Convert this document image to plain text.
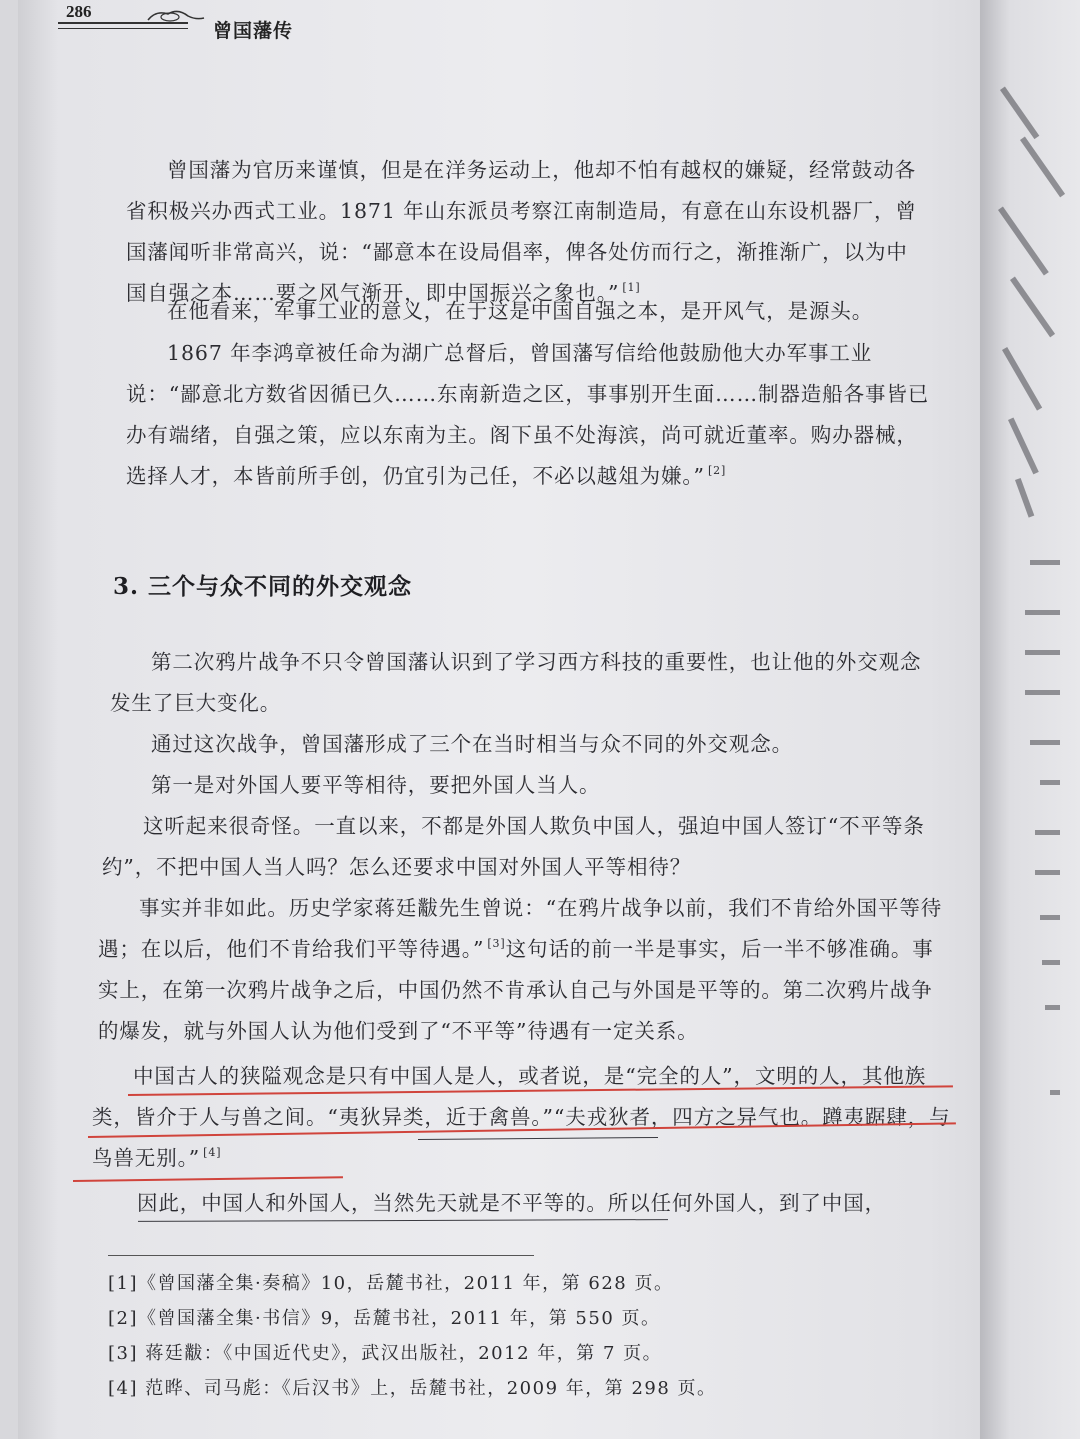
286
曾国藩传

曾国藩为官历来谨慎，但是在洋务运动上，他却不怕有越权的嫌疑，经常鼓动各省积极兴办西式工业。1871 年山东派员考察江南制造局，有意在山东设机器厂，曾国藩闻听非常高兴，说：“鄙意本在设局倡率，俾各处仿而行之，渐推渐广，以为中国自强之本……要之风气渐开，即中国振兴之象也。” [1]

在他看来，军事工业的意义，在于这是中国自强之本，是开风气，是源头。

1867 年李鸿章被任命为湖广总督后，曾国藩写信给他鼓励他大办军事工业说：“鄙意北方数省因循已久……东南新造之区，事事别开生面……制器造船各事皆已办有端绪，自强之策，应以东南为主。阁下虽不处海滨，尚可就近董率。购办器械，选择人才，本皆前所手创，仍宜引为己任，不必以越俎为嫌。” [2]

3. 三个与众不同的外交观念

第二次鸦片战争不只令曾国藩认识到了学习西方科技的重要性，也让他的外交观念发生了巨大变化。

通过这次战争，曾国藩形成了三个在当时相当与众不同的外交观念。

第一是对外国人要平等相待，要把外国人当人。

这听起来很奇怪。一直以来，不都是外国人欺负中国人，强迫中国人签订“不平等条约”，不把中国人当人吗？怎么还要求中国对外国人平等相待？

事实并非如此。历史学家蒋廷黻先生曾说：“在鸦片战争以前，我们不肯给外国平等待遇；在以后，他们不肯给我们平等待遇。” [3]这句话的前一半是事实，后一半不够准确。事实上，在第一次鸦片战争之后，中国仍然不肯承认自己与外国是平等的。第二次鸦片战争的爆发，就与外国人认为他们受到了“不平等”待遇有一定关系。

中国古人的狭隘观念是只有中国人是人，或者说，是“完全的人”，文明的人，其他族类，皆介于人与兽之间。“夷狄异类，近于禽兽。”“夫戎狄者，四方之异气也。蹲夷踞肆，与鸟兽无别。” [4]

因此，中国人和外国人，当然先天就是不平等的。所以任何外国人，到了中国，

[1]《曾国藩全集·奏稿》10，岳麓书社，2011 年，第 628 页。

[2]《曾国藩全集·书信》9，岳麓书社，2011 年，第 550 页。

[3] 蒋廷黻：《中国近代史》，武汉出版社，2012 年，第 7 页。

[4] 范晔、司马彪：《后汉书》上，岳麓书社，2009 年，第 298 页。
